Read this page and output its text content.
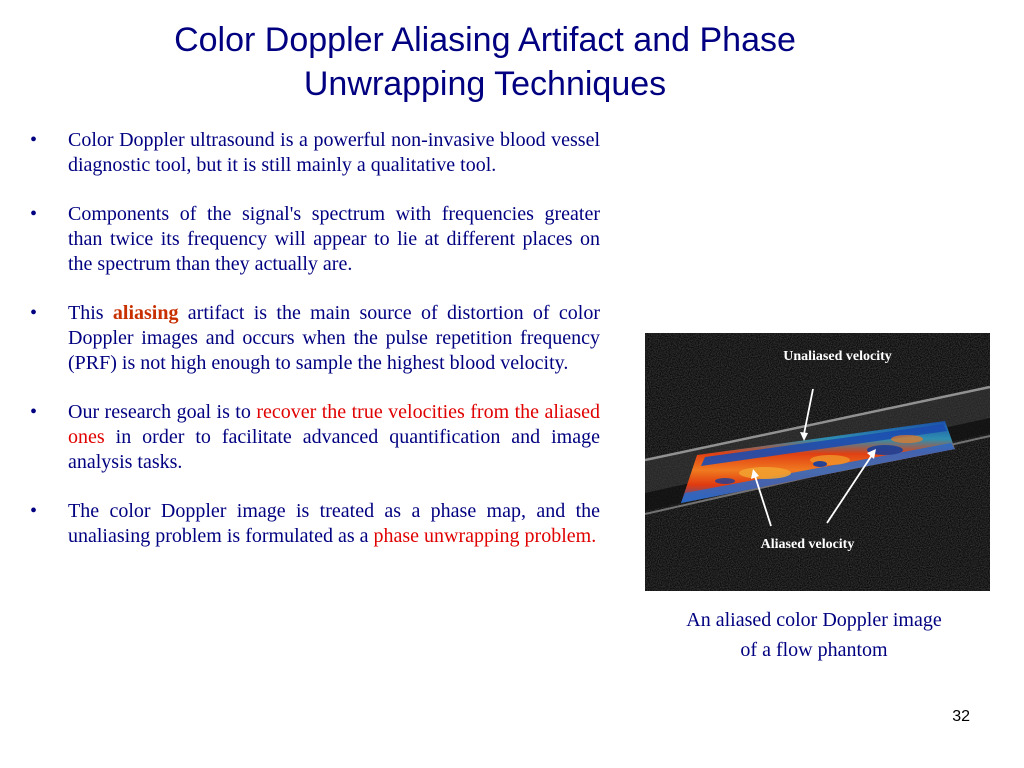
Color Doppler Aliasing Artifact and Phase
Unwrapping Techniques
• Color Doppler ultrasound is a powerful non-invasive blood vessel diagnostic tool, but it is still mainly a qualitative tool.
• Components of the signal's spectrum with frequencies greater than twice its frequency will appear to lie at different places on the spectrum than they actually are.
• This aliasing artifact is the main source of distortion of color Doppler images and occurs when the pulse repetition frequency (PRF) is not high enough to sample the highest blood velocity.
• Our research goal is to recover the true velocities from the aliased ones in order to facilitate advanced quantification and image analysis tasks.
• The color Doppler image is treated as a phase map, and the unaliasing problem is formulated as a phase unwrapping problem.
Unaliased velocity
Aliased velocity
An aliased color Doppler image
of a flow phantom
32
